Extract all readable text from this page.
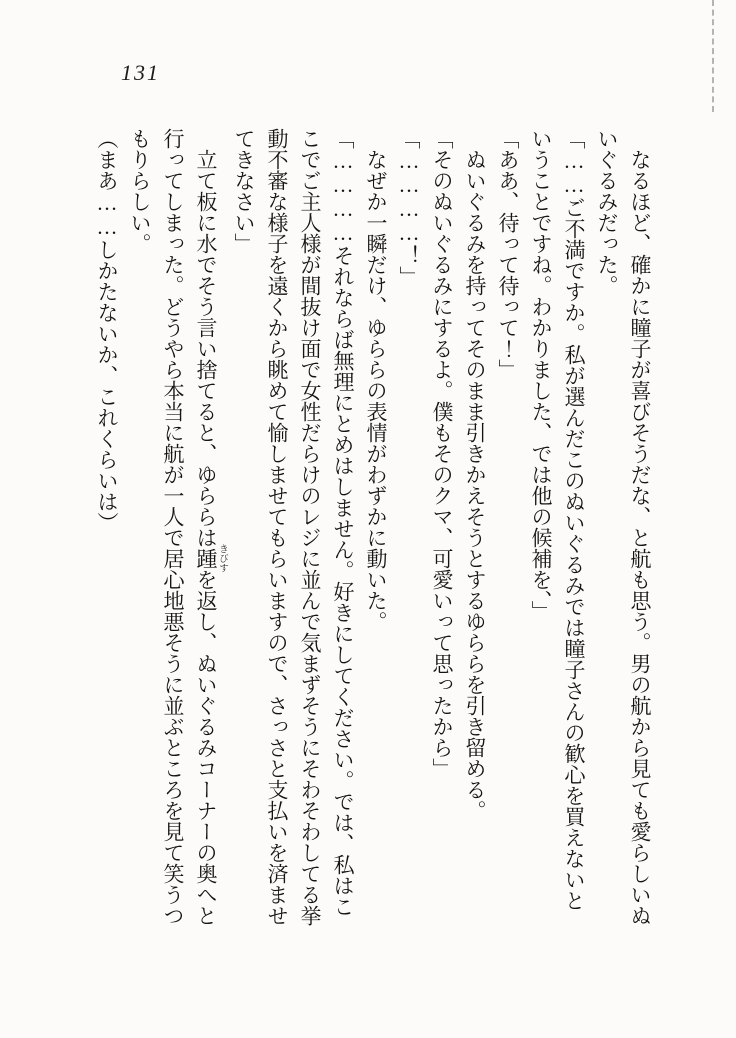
131

　なるほど、確かに瞳子が喜びそうだな、と航も思う。男の航から見ても愛らしいぬいぐるみだった。

「……ご不満ですか。私が選んだこのぬいぐるみでは瞳子さんの歓心を買えないということですね。わかりました、では他の候補を、」

「ああ、待って待って！」

　ぬいぐるみを持ってそのまま引きかえそうとするゆららを引き留める。

「そのぬいぐるみにするよ。僕もそのクマ、可愛いって思ったから」

「…………！」

　なぜか一瞬だけ、ゆららの表情がわずかに動いた。

「…………それならば無理にとめはしません。好きにしてください。では、私はここでご主人様が間抜け面で女性だらけのレジに並んで気まずそうにそわそわしてる挙動不審な様子を遠くから眺めて愉しませてもらいますので、さっさと支払いを済ませてきなさい」

　立て板に水でそう言い捨てると、ゆららは踵 きびすを返し、ぬいぐるみコーナーの奥へと行ってしまった。どうやら本当に航が一人で居心地悪そうに並ぶところを見て笑うつもりらしい。

（まあ……しかたないか、これくらいは）
